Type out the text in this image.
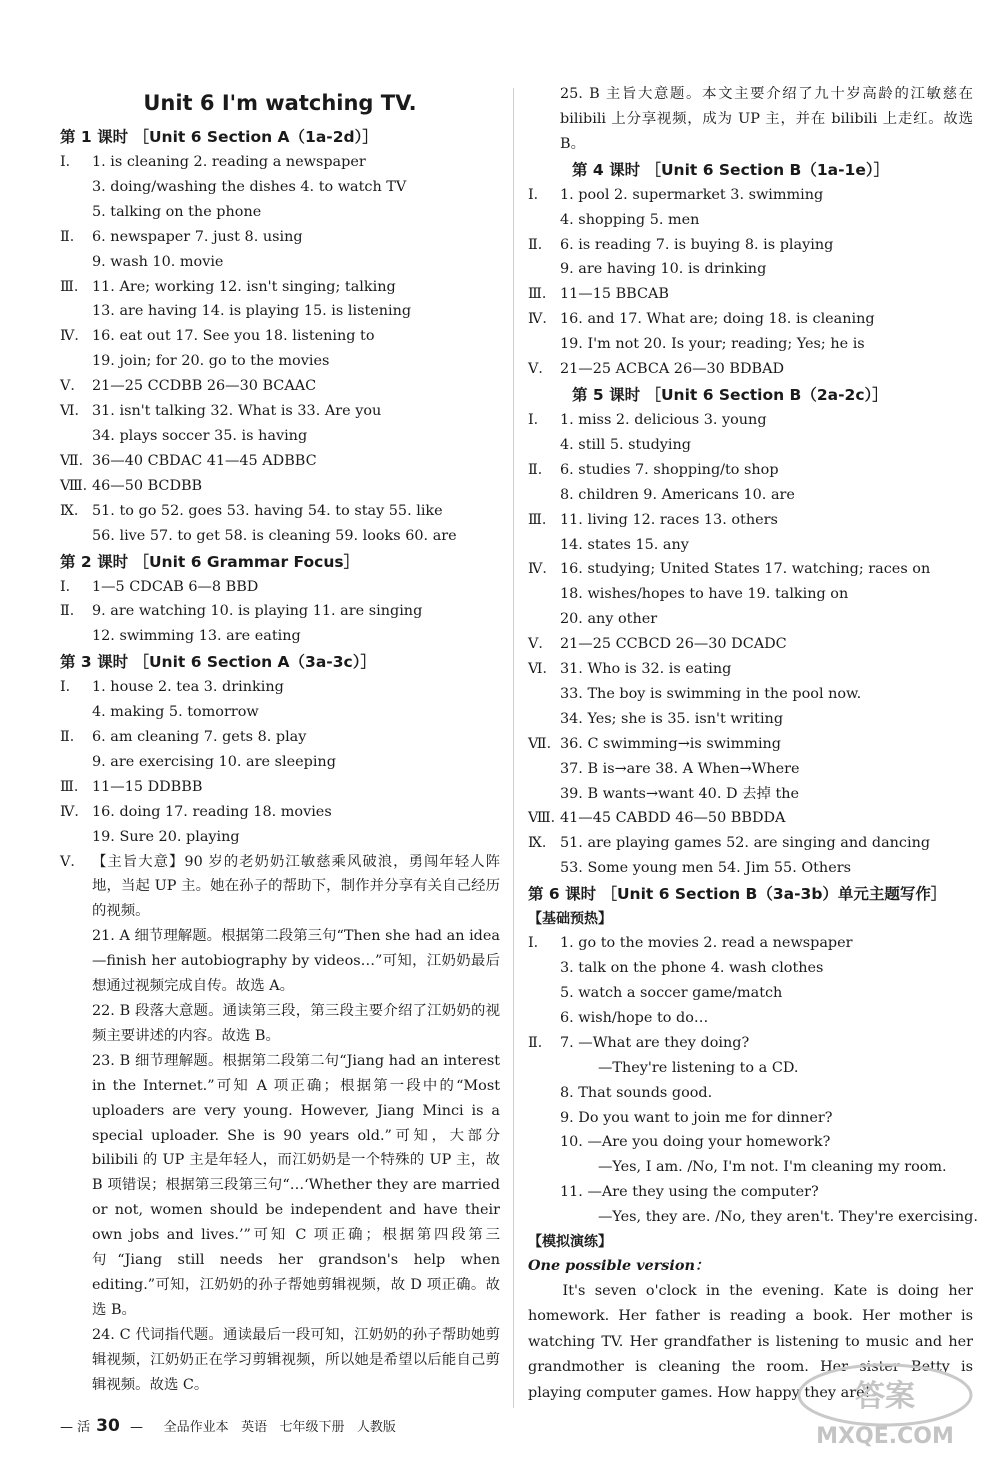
Unit 6 I'm watching TV.
第 1 课时 ［Unit 6 Section A（1a-2d）］
Ⅰ． 1. is cleaning 2. reading a newspaper
3. doing/washing the dishes 4. to watch TV
5. talking on the phone
Ⅱ． 6. newspaper 7. just 8. using
9. wash 10. movie
Ⅲ． 11. Are; working 12. isn't singing; talking
13. are having 14. is playing 15. is listening
Ⅳ． 16. eat out 17. See you 18. listening to
19. join; for 20. go to the movies
Ⅴ． 21—25 CCDBB 26—30 BCAAC
Ⅵ． 31. isn't talking 32. What is 33. Are you
34. plays soccer 35. is having
Ⅶ． 36—40 CBDAC 41—45 ADBBC
Ⅷ．
46—50 BCDBB
Ⅸ． 51. to go 52. goes 53. having 54. to stay 55. like
56. live 57. to get 58. is cleaning 59. looks 60. are
第 2 课时 ［Unit 6 Grammar Focus］
Ⅰ． 1—5 CDCAB 6—8 BBD
Ⅱ． 9. are watching 10. is playing 11. are singing
12. swimming 13. are eating
第 3 课时 ［Unit 6 Section A（3a-3c）］
Ⅰ． 1. house 2. tea 3. drinking
4. making 5. tomorrow
Ⅱ． 6. am cleaning 7. gets 8. play
9. are exercising 10. are sleeping
Ⅲ． 11—15 DDBBB
Ⅳ． 16. doing 17. reading 18. movies
19. Sure 20. playing
Ⅴ． 【主旨大意】90 岁的老奶奶江敏慈乘风破浪，勇闯年轻人阵地，当起 UP 主。她在孙子的帮助下，制作并分享有关自己经历的视频。
21. A 细节理解题。根据第二段第三句“Then she had an idea—finish her autobiography by videos…”可知，江奶奶最后想通过视频完成自传。故选 A。
22. B 段落大意题。通读第三段，第三段主要介绍了江奶奶的视频主要讲述的内容。故选 B。
23. B 细节理解题。根据第二段第二句“Jiang had an interest in the Internet.”可知 A 项正确；根据第一段中的“Most uploaders are very young. However, Jiang Minci is a special uploader. She is 90 years old.”可知，大部分 bilibili 的 UP 主是年轻人，而江奶奶是一个特殊的 UP 主，故 B 项错误；根据第三段第三句“…‘Whether they are married or not, women should be independent and have their own jobs and lives.’”可知 C 项正确；根据第四段第三句“Jiang still needs her grandson's help when editing.”可知，江奶奶的孙子帮她剪辑视频，故 D 项正确。故选 B。
24. C 代词指代题。通读最后一段可知，江奶奶的孙子帮助她剪辑视频，江奶奶正在学习剪辑视频，所以她是希望以后能自己剪辑视频。故选 C。
25. B 主旨大意题。本文主要介绍了九十岁高龄的江敏慈在 bilibili 上分享视频，成为 UP 主，并在 bilibili 上走红。故选 B。
第 4 课时 ［Unit 6 Section B（1a-1e）］
Ⅰ． 1. pool 2. supermarket 3. swimming
4. shopping 5. men
Ⅱ． 6. is reading 7. is buying 8. is playing
9. are having 10. is drinking
Ⅲ． 11—15 BBCAB
Ⅳ． 16. and 17. What are; doing 18. is cleaning
19. I'm not 20. Is your; reading; Yes; he is
Ⅴ． 21—25 ACBCA 26—30 BDBAD
第 5 课时 ［Unit 6 Section B（2a-2c）］
Ⅰ． 1. miss 2. delicious 3. young
4. still 5. studying
Ⅱ． 6. studies 7. shopping/to shop
8. children 9. Americans 10. are
Ⅲ． 11. living 12. races 13. others
14. states 15. any
Ⅳ． 16. studying; United States 17. watching; races on
18. wishes/hopes to have 19. talking on
20. any other
Ⅴ． 21—25 CCBCD 26—30 DCADC
Ⅵ． 31. Who is 32. is eating
33. The boy is swimming in the pool now.
34. Yes; she is 35. isn't writing
Ⅶ． 36. C swimming→is swimming
37. B is→are 38. A When→Where
39. B wants→want 40. D 去掉 the
Ⅷ．
41—45 CABDD 46—50 BBDDA
Ⅸ． 51. are playing games 52. are singing and dancing
53. Some young men 54. Jim 55. Others
第 6 课时 ［Unit 6 Section B（3a-3b）单元主题写作］
【基础预热】
Ⅰ． 1. go to the movies 2. read a newspaper
3. talk on the phone 4. wash clothes
5. watch a soccer game/match
6. wish/hope to do…
Ⅱ． 7. —What are they doing?
—They're listening to a CD.
8. That sounds good.
9. Do you want to join me for dinner?
10. —Are you doing your homework?
—Yes, I am. /No, I'm not. I'm cleaning my room.
11. —Are they using the computer?
—Yes, they are. /No, they aren't. They're exercising.
【模拟演练】
One possible version：
It's seven o'clock in the evening. Kate is doing her homework. Her father is reading a book. Her mother is watching TV. Her grandfather is listening to music and her grandmother is cleaning the room. Her sister Betty is playing computer games. How happy they are!
— 活 30 — 全品作业本 英语 七年级下册 人教版
答案
MXQE.COM
